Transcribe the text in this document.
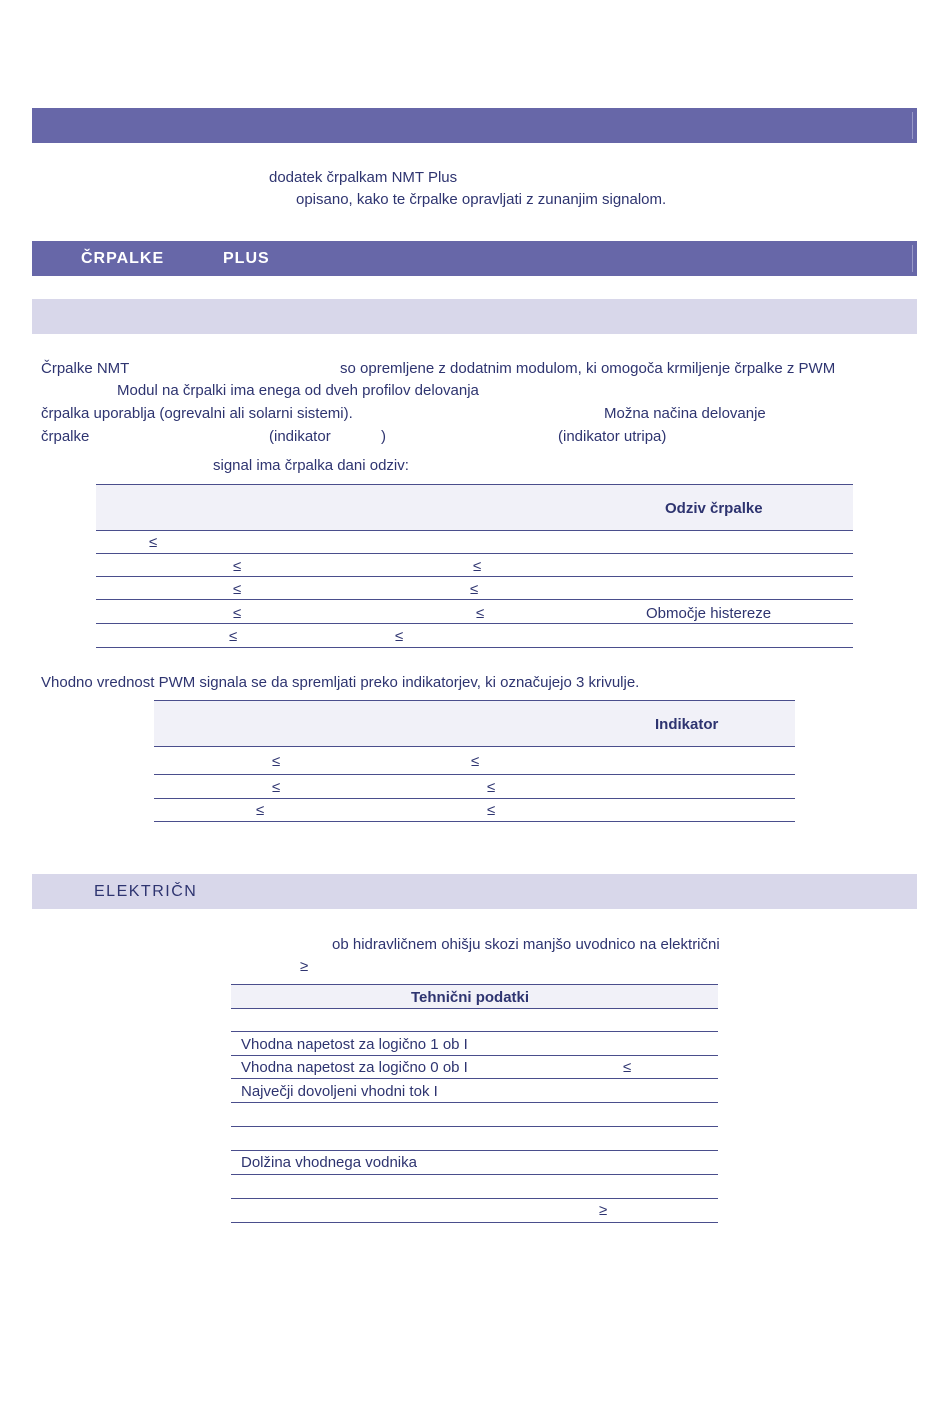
dodatek črpalkam NMT Plus
opisano, kako te črpalke opravljati z zunanjim signalom.
ČRPALKE	PLUS
Črpalke NMT	so opremljene z dodatnim modulom, ki omogoča krmiljenje črpalke z PWM
Modul na črpalki ima enega od dveh profilov delovanja
črpalka uporablja (ogrevalni ali solarni sistemi).	Možna načina delovanje
črpalke	(indikator	)	(indikator utripa)
signal ima črpalka dani odziv:
Odziv črpalke
≤
≤	≤
≤	≤
≤	≤	Območje histereze
≤	≤
Vhodno vrednost PWM signala se da spremljati preko indikatorjev, ki označujejo 3 krivulje.
Indikator
≤	≤
≤	≤
≤	≤
ELEKTRIČN
ob hidravličnem ohišju skozi manjšo uvodnico na električni
≥
Tehnični podatki
Vhodna napetost za logično 1 ob I
Vhodna napetost za logično 0 ob I	≤
Največji dovoljeni vhodni tok I
Dolžina vhodnega vodnika
≥
